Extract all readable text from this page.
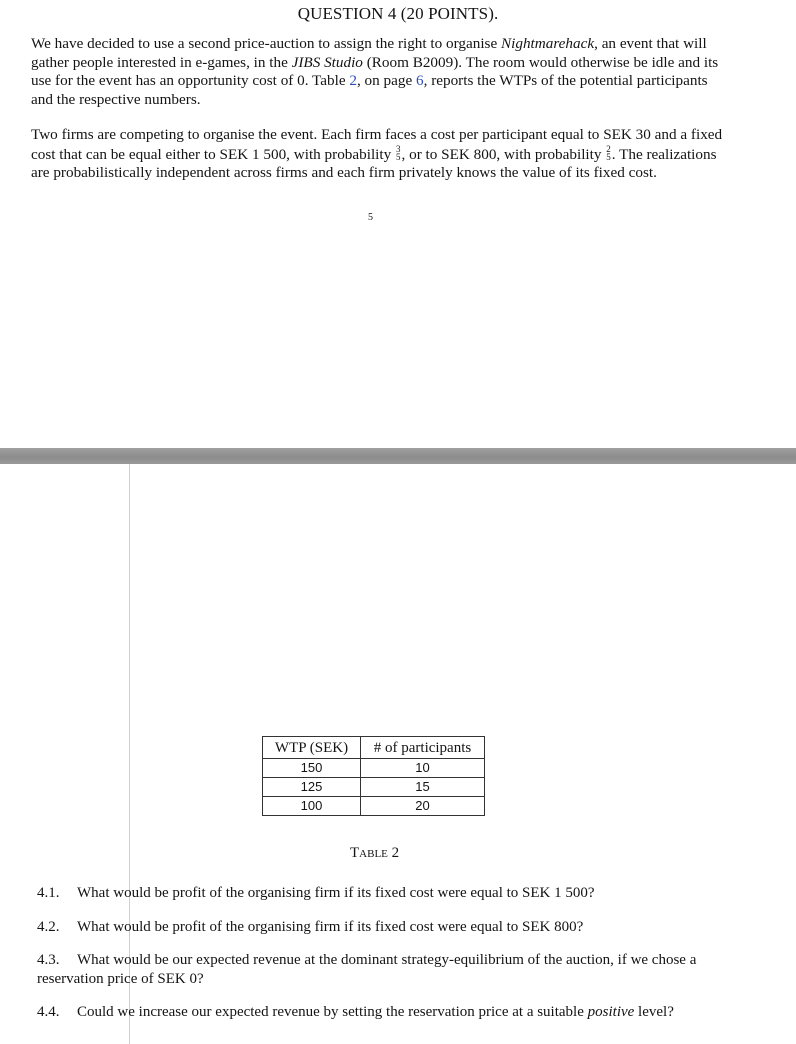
QUESTION 4 (20 POINTS).
We have decided to use a second price-auction to assign the right to organise Nightmarehack, an event that will gather people interested in e-games, in the JIBS Studio (Room B2009). The room would otherwise be idle and its use for the event has an opportunity cost of 0. Table 2, on page 6, reports the WTPs of the potential participants and the respective numbers.
Two firms are competing to organise the event. Each firm faces a cost per participant equal to SEK 30 and a fixed cost that can be equal either to SEK 1 500, with probability 3
5 , or to SEK 800, with probability 2
5 . The realizations are probabilistically independent across firms and each firm privately knows the value of its fixed cost.
5
WTP (SEK)	# of participants
150	10
125	15
100	20
Table 2
4.1. What would be profit of the organising firm if its fixed cost were equal to SEK 1 500?
4.2. What would be profit of the organising firm if its fixed cost were equal to SEK 800?
4.3. What would be our expected revenue at the dominant strategy-equilibrium of the auction, if we chose a reservation price of SEK 0?
4.4. Could we increase our expected revenue by setting the reservation price at a suitable positive level?
